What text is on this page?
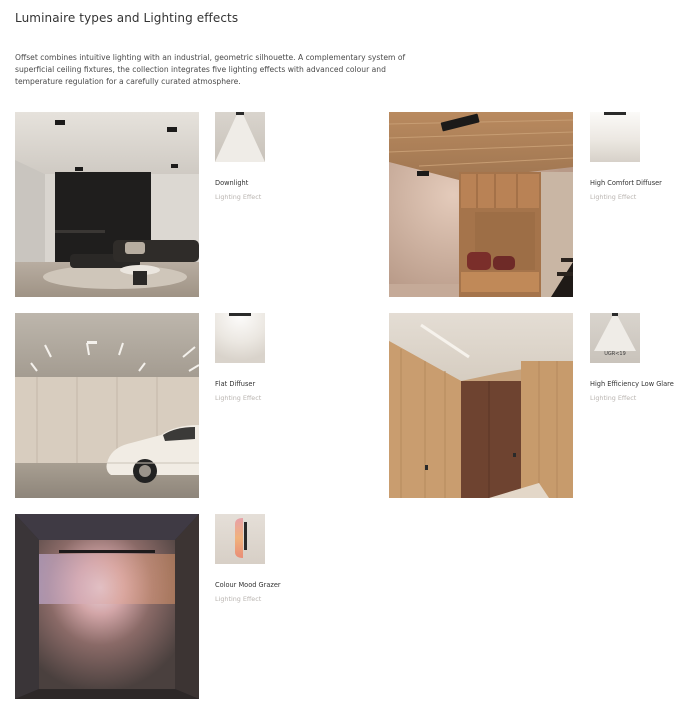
Luminaire types and Lighting effects

Offset combines intuitive lighting with an industrial, geometric silhouette. A complementary system of superficial ceiling fixtures, the collection integrates five lighting effects with advanced colour and temperature regulation for a carefully curated atmosphere.

Downlight
Lighting Effect
High Comfort Diffuser
Lighting Effect
Flat Diffuser
Lighting Effect
UGR<19
High Efficiency Low Glare
Lighting Effect
Colour Mood Grazer
Lighting Effect
